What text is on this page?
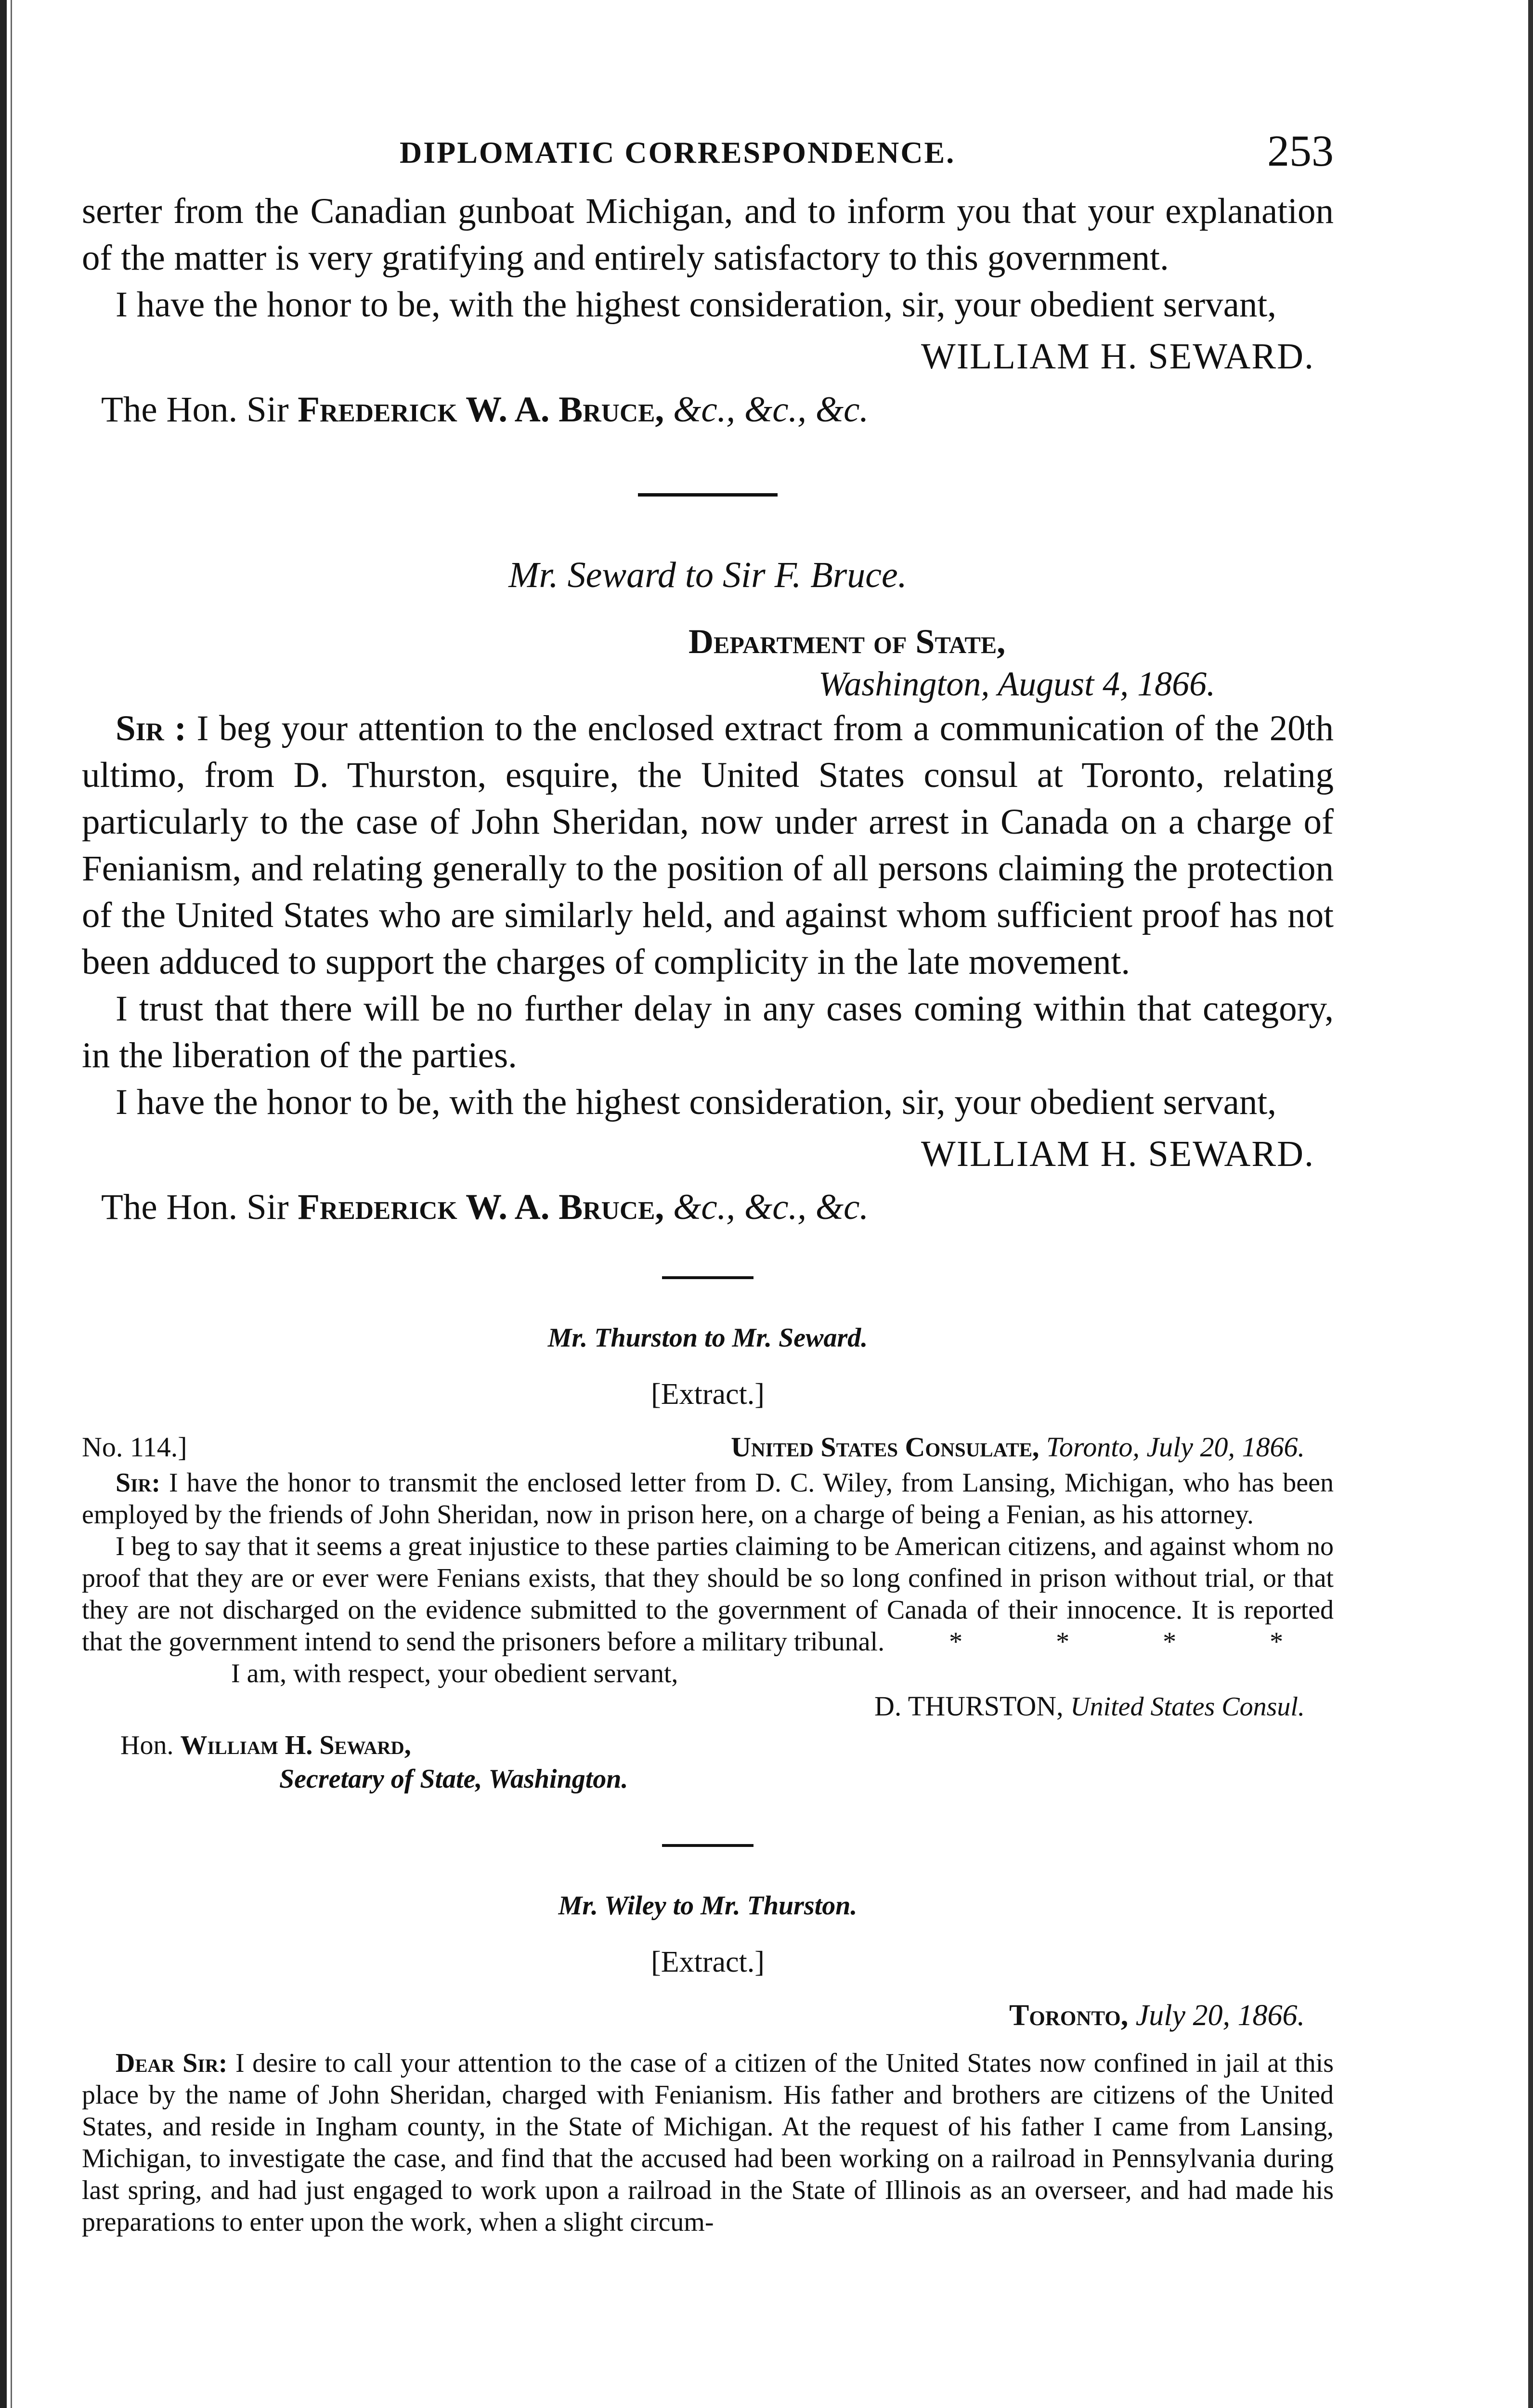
DIPLOMATIC CORRESPONDENCE.	253

serter from the Canadian gunboat Michigan, and to inform you that your explanation of the matter is very gratifying and entirely satisfactory to this government.

I have the honor to be, with the highest consideration, sir, your obedient servant,

WILLIAM H. SEWARD.

The Hon. Sir Frederick W. A. Bruce, &c., &c., &c.

Mr. Seward to Sir F. Bruce.

Department of State,
Washington, August 4, 1866.

Sir : I beg your attention to the enclosed extract from a communication of the 20th ultimo, from D. Thurston, esquire, the United States consul at Toronto, relating particularly to the case of John Sheridan, now under arrest in Canada on a charge of Fenianism, and relating generally to the position of all persons claiming the protection of the United States who are similarly held, and against whom sufficient proof has not been adduced to support the charges of complicity in the late movement.

I trust that there will be no further delay in any cases coming within that category, in the liberation of the parties.

I have the honor to be, with the highest consideration, sir, your obedient servant,

WILLIAM H. SEWARD.

The Hon. Sir Frederick W. A. Bruce, &c., &c., &c.

Mr. Thurston to Mr. Seward.

[Extract.]

No. 114.]	United States Consulate, Toronto, July 20, 1866.

Sir: I have the honor to transmit the enclosed letter from D. C. Wiley, from Lansing, Michigan, who has been employed by the friends of John Sheridan, now in prison here, on a charge of being a Fenian, as his attorney.

I beg to say that it seems a great injustice to these parties claiming to be American citizens, and against whom no proof that they are or ever were Fenians exists, that they should be so long confined in prison without trial, or that they are not discharged on the evidence submitted to the government of Canada of their innocence. It is reported that the government intend to send the prisoners before a military tribunal. * * * *

I am, with respect, your obedient servant,

D. THURSTON, United States Consul.

Hon. William H. Seward,
Secretary of State, Washington.

Mr. Wiley to Mr. Thurston.

[Extract.]

Toronto, July 20, 1866.

Dear Sir: I desire to call your attention to the case of a citizen of the United States now confined in jail at this place by the name of John Sheridan, charged with Fenianism. His father and brothers are citizens of the United States, and reside in Ingham county, in the State of Michigan. At the request of his father I came from Lansing, Michigan, to investigate the case, and find that the accused had been working on a railroad in Pennsylvania during last spring, and had just engaged to work upon a railroad in the State of Illinois as an overseer, and had made his preparations to enter upon the work, when a slight circum-
